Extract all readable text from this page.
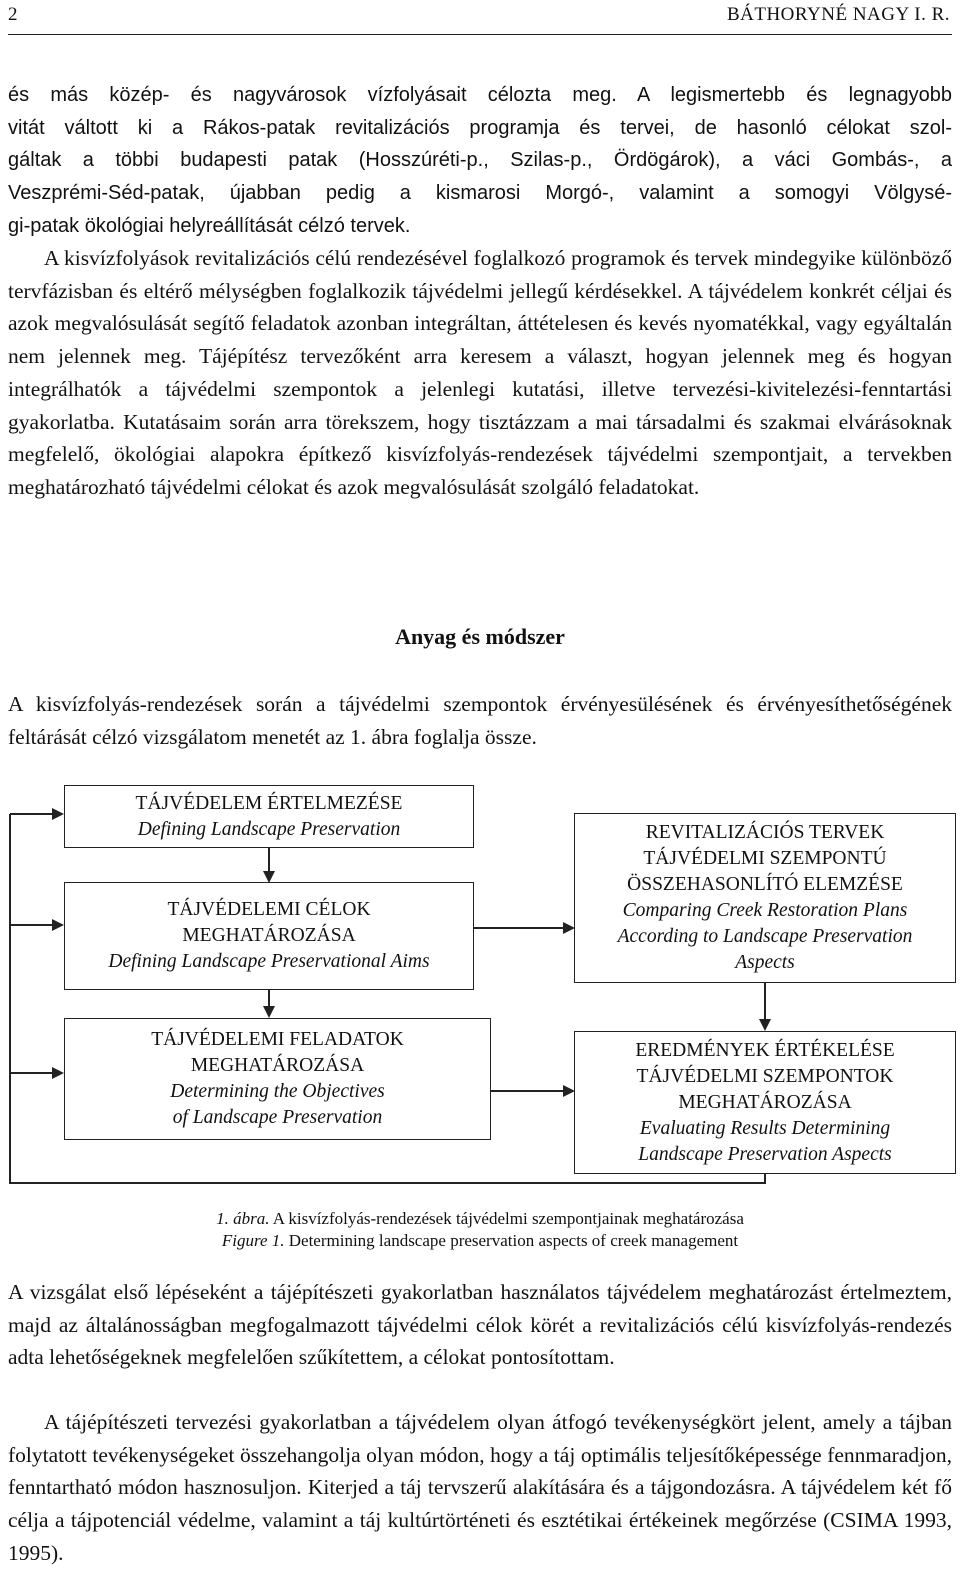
2	BÁTHORYNÉ NAGY I. R.
és más közép- és nagyvárosok vízfolyásait célozta meg. A legismertebb és legnagyobb
vitát váltott ki a Rákos-patak revitalizációs programja és tervei, de hasonló célokat szol-
gáltak a többi budapesti patak (Hosszúréti-p., Szilas-p., Ördögárok), a váci Gombás-, a
Veszprémi-Séd-patak, újabban pedig a kismarosi Morgó-, valamint a somogyi Völgysé-
gi-patak ökológiai helyreállítását célzó tervek.

A kisvízfolyások revitalizációs célú rendezésével foglalkozó programok és tervek mindegyike különböző tervfázisban és eltérő mélységben foglalkozik tájvédelmi jellegű kérdésekkel. A tájvédelem konkrét céljai és azok megvalósulását segítő feladatok azonban integráltan, áttételesen és kevés nyomatékkal, vagy egyáltalán nem jelennek meg. Tájépítész tervezőként arra keresem a választ, hogyan jelennek meg és hogyan integrálhatók a tájvédelmi szempontok a jelenlegi kutatási, illetve tervezési-kivitelezési-fenntartási gyakorlatba. Kutatásaim során arra törekszem, hogy tisztázzam a mai társadalmi és szakmai elvárásoknak megfelelő, ökológiai alapokra építkező kisvízfolyás-rendezések tájvédelmi szempontjait, a tervekben meghatározható tájvédelmi célokat és azok megvalósulását szolgáló feladatokat.

Anyag és módszer

A kisvízfolyás-rendezések során a tájvédelmi szempontok érvényesülésének és érvényesíthetőségének feltárását célzó vizsgálatom menetét az 1. ábra foglalja össze.

TÁJVÉDELEM ÉRTELMEZÉSE
Defining Landscape Preservation
TÁJVÉDELEMI CÉLOK
MEGHATÁROZÁSA
Defining Landscape Preservational Aims
TÁJVÉDELEMI FELADATOK
MEGHATÁROZÁSA
Determining the Objectives
of Landscape Preservation
REVITALIZÁCIÓS TERVEK
TÁJVÉDELMI SZEMPONTÚ
ÖSSZEHASONLÍTÓ ELEMZÉSE
Comparing Creek Restoration Plans
According to Landscape Preservation
Aspects
EREDMÉNYEK ÉRTÉKELÉSE
TÁJVÉDELMI SZEMPONTOK
MEGHATÁROZÁSA
Evaluating Results Determining
Landscape Preservation Aspects
1. ábra. A kisvízfolyás-rendezések tájvédelmi szempontjainak meghatározása
Figure 1. Determining landscape preservation aspects of creek management

A vizsgálat első lépéseként a tájépítészeti gyakorlatban használatos tájvédelem meghatározást értelmeztem, majd az általánosságban megfogalmazott tájvédelmi célok körét a revitalizációs célú kisvízfolyás-rendezés adta lehetőségeknek megfelelően szűkítettem, a célokat pontosítottam.

A tájépítészeti tervezési gyakorlatban a tájvédelem olyan átfogó tevékenységkört jelent, amely a tájban folytatott tevékenységeket összehangolja olyan módon, hogy a táj optimális teljesítőképessége fennmaradjon, fenntartható módon hasznosuljon. Kiterjed a táj tervszerű alakítására és a tájgondozásra. A tájvédelem két fő célja a tájpotenciál védelme, valamint a táj kultúrtörténeti és esztétikai értékeinek megőrzése (CSIMA 1993, 1995).
